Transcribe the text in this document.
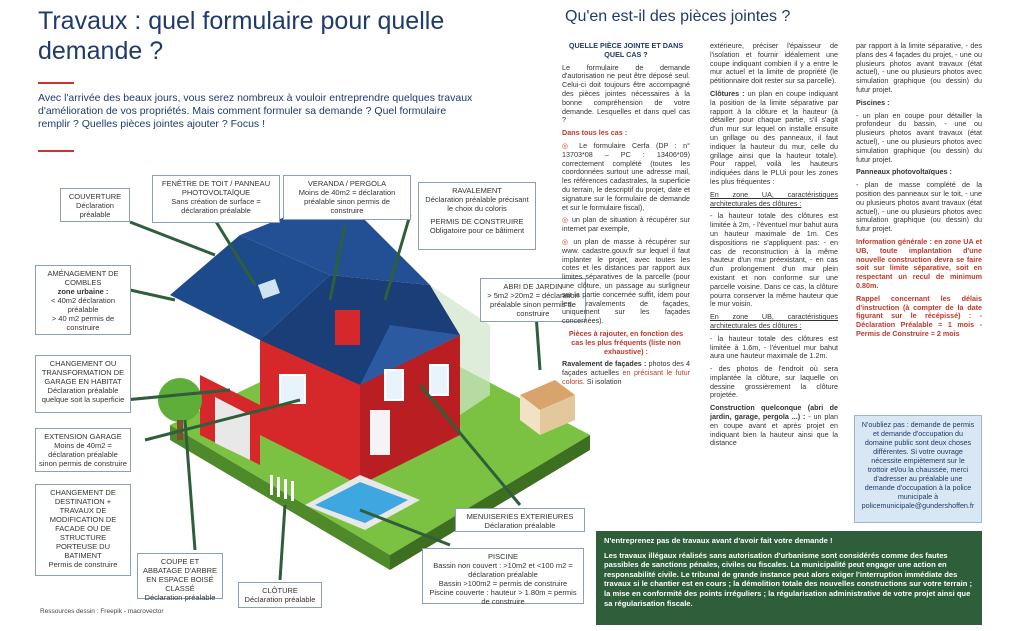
Travaux : quel formulaire pour quelle demande ?
Avec l'arrivée des beaux jours, vous serez nombreux à vouloir entreprendre quelques travaux d'amélioration de vos propriétés. Mais comment formuler sa demande ? Quel formulaire remplir ? Quelles pièces jointes ajouter ? Focus !
COUVERTURE
Déclaration préalable
FENÊTRE DE TOIT / PANNEAU PHOTOVOLTAÏQUE
Sans création de surface = déclaration préalable
VERANDA / PERGOLA
Moins de 40m2 = déclaration préalable sinon permis de construire
RAVALEMENT
Déclaration préalable précisant le choix du coloris
PERMIS DE CONSTRUIRE
Obligatoire pour ce bâtiment
AMÉNAGEMENT DE COMBLES
zone urbaine :
< 40m2 déclaration préalable
> 40 m2 permis de construire
ABRI DE JARDIN
> 5m2 >20m2 = déclaration préalable sinon permis de construire
CHANGEMENT OU TRANSFORMATION DE GARAGE EN HABITAT
Déclaration préalable quelque soit la superficie
EXTENSION GARAGE
Moins de 40m2 = déclaration préalable sinon permis de construire
CHANGEMENT DE DESTINATION + TRAVAUX DE MODIFICATION DE FACADE OU DE STRUCTURE PORTEUSE DU BATIMENT
Permis de construire
MENUISERIES EXTERIEURES
Déclaration préalable
COUPE ET ABBATAGE D'ARBRE EN ESPACE BOISÉ CLASSÉ
Déclaration préalable
CLÔTURE
Déclaration préalable
PISCINE
Bassin non couvert : >10m2 et <100 m2 = déclaration préalable
Bassin >100m2 = permis de construire
Piscine couverte : hauteur > 1.80m = permis de construire
Ressources dessin : Freepik - macrovector
Qu'en est-il des pièces jointes ?

QUELLE PIÈCE JOINTE ET DANS QUEL CAS ?

Le formulaire de demande d'autorisation ne peut être déposé seul. Celui-ci doit toujours être accompagné des pièces jointes nécessaires à la bonne compréhension de votre demande. Lesquelles et dans quel cas ?

Dans tous les cas :

◎ Le formulaire Cerfa (DP : n° 13703*08 – PC : 13406*09) correctement complété (toutes les coordonnées surtout une adresse mail, les références cadastrales, la superficie du terrain, le descriptif du projet, date et signature sur le formulaire de demande et sur le formulaire fiscal),

◎ un plan de situation à récupérer sur internet par exemple,

◎ un plan de masse à récupérer sur www. cadastre.gouv.fr sur lequel il faut implanter le projet, avec toutes les cotes et les distances par rapport aux limites séparatives de la parcelle (pour une clôture, un passage au surligneur sur la partie concernée suffit, idem pour les ravalements de façades, uniquement sur les façades concernées).

Pièces à rajouter, en fonction des cas les plus fréquents (liste non exhaustive) :

Ravalement de façades : photos des 4 façades actuelles en précisant le futur coloris. Si isolation

extérieure, préciser l'épaisseur de l'isolation et fournir idéalement une coupe indiquant combien il y a entre le mur actuel et la limite de propriété (le pétitionnaire doit rester sur sa parcelle).

Clôtures : un plan en coupe indiquant la position de la limite séparative par rapport à la clôture et la hauteur (à détailler pour chaque partie, s'il s'agit d'un mur sur lequel on installe ensuite un grillage ou des panneaux, il faut indiquer la hauteur du mur, celle du grillage ainsi que la hauteur totale). Pour rappel, voilà les hauteurs indiquées dans le PLUi pour les zones les plus fréquentes :

En zone UA, caractéristiques architecturales des clôtures :

- la hauteur totale des clôtures est limitée à 2m, - l'éventuel mur bahut aura un hauteur maximale de 1m. Ces dispositions ne s'appliquent pas: - en cas de reconstruction à la même hauteur d'un mur préexistant, - en cas d'un prolongement d'un mur plein existant et non conforme sur une parcelle voisine. Dans ce cas, la clôture pourra conserver la même hauteur que le mur voisin.

En zone UB, caractéristiques architecturales des clôtures :

- la hauteur totale des clôtures est limitée à 1.6m, - l'éventuel mur bahut aura une hauteur maximale de 1.2m.

- des photos de l'endroit où sera implantée la clôture, sur laquelle on dessine grossièrement la clôture projetée.

Construction quelconque (abri de jardin, garage, pergola ...) : - un plan en coupe avant et après projet en indiquant bien la hauteur ainsi que la distance

par rapport à la limite séparative, - des plans des 4 façades du projet, - une ou plusieurs photos avant travaux (état actuel), - une ou plusieurs photos avec simulation graphique (ou dessin) du futur projet.

Piscines :

- un plan en coupe pour détailler la profondeur du bassin, - une ou plusieurs photos avant travaux (état actuel), - une ou plusieurs photos avec simulation graphique (ou dessin) du futur projet.

Panneaux photovoltaïques :

- plan de masse complété de la position des panneaux sur le toit, - une ou plusieurs photos avant travaux (état actuel), - une ou plusieurs photos avec simulation graphique (ou dessin) du futur projet.

Information générale : en zone UA et UB, toute implantation d'une nouvelle construction devra se faire soit sur limite séparative, soit en respectant un recul de minimum 0.80m.

Rappel concernant les délais d'instruction (à compter de la date figurant sur le récépissé) : - Déclaration Préalable = 1 mois - Permis de Construire = 2 mois

N'oubliez pas : demande de permis et demande d'occupation du domaine public sont deux choses différentes. Si votre ouvrage nécessite empiètement sur le trottoir et/ou la chaussée, merci d'adresser au préalable une demande d'occupation à la police municipale à policemunicipale@gundershoffen.fr
N'entreprenez pas de travaux avant d'avoir fait votre demande !
Les travaux illégaux réalisés sans autorisation d'urbanisme sont considérés comme des fautes passibles de sanctions pénales, civiles ou fiscales. La municipalité peut engager une action en responsabilité civile. Le tribunal de grande instance peut alors exiger l'interruption immédiate des travaux si le chantier est en cours ; la démolition totale des nouvelles constructions sur votre terrain ; la mise en conformité des points irréguliers ; la régularisation administrative de votre projet ainsi que sa régularisation fiscale.
